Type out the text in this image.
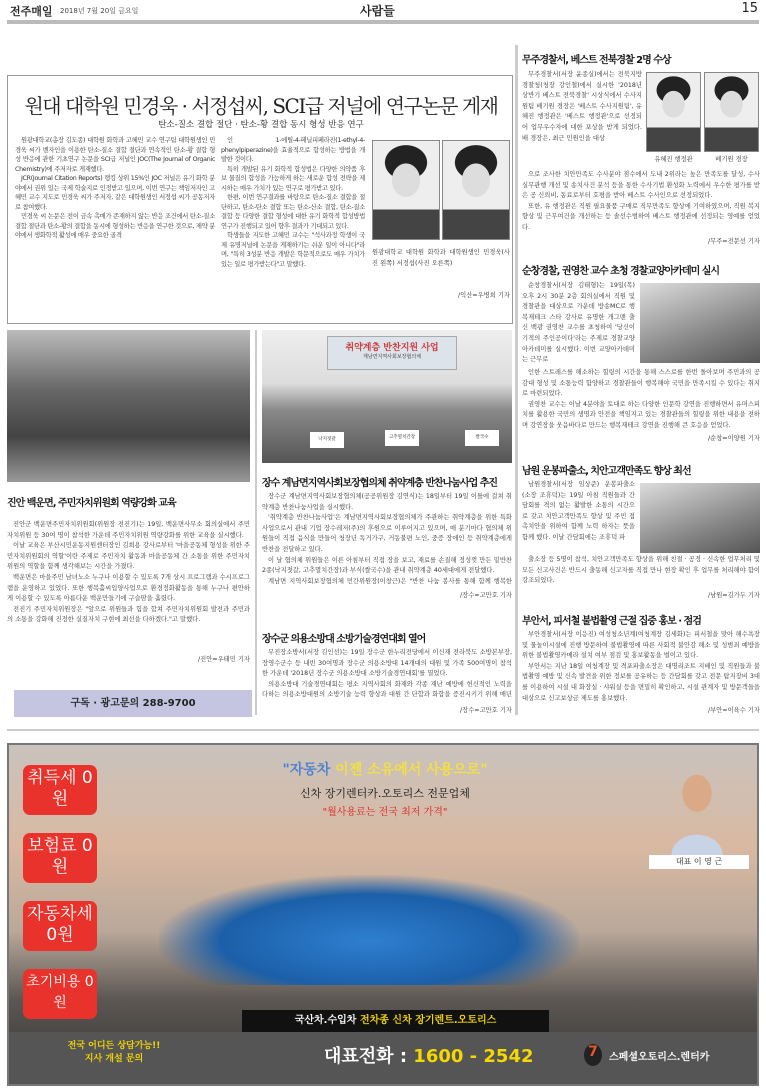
전주매일 2018년 7월 20일 금요일	사람들	15
원대 대학원 민경욱 · 서정섭씨, SCI급 저널에 연구논문 게재
탄소-질소 결합 절단 · 탄소-황 결합 동시 형성 반응 연구

원광대학교(총장 김도종) 대학원 화학과 고혜민 교수 연구팀 대학원생인 민경욱 씨가 벤자인을 이용한 탄소-질소 결합 절단과 연속적인 탄소-황 결합 형성 반응에 관한 기초연구 논문을 SCI급 저널인 JOC(The Journal of Organic Chemistry)에 주저자로 게재했다.

JCR(Journal Citation Reports) 랭킹 상위 15%인 JOC 저널은 유기 화학 분야에서 권위 있는 국제 학술지로 인정받고 있으며, 이번 연구는 책임저자인 고혜민 교수 지도로 민경욱 씨가 주저자, 같은 대학원생인 서정섭 씨가 공동저자로 참여했다.

민경욱 씨 논문은 전이 금속 촉매가 존재하지 않는 반응 조건에서 탄소-질소 결합 절단과 탄소-황의 결합을 동시에 형성하는 반응을 연구한 것으로, 제약 분야에서 생화학적 활성에 매우 중요한 골격

인 1-에틸-4-페닐피페라진(1-ethyl-4-phenylpiperazine)을 효율적으로 합성하는 방법을 개발한 것이다.

특히 개발된 유기 화학적 합성법은 다양한 의약품 후보 물질의 합성을 가능하게 하는 새로운 합성 전략을 제시하는 매우 가치가 있는 연구로 평가받고 있다.

한편, 이번 연구결과를 바탕으로 탄소-질소 결합을 절단하고, 탄소-탄소 결합 또는 탄소-산소 결합, 탄소-질소 결합 등 다양한 결합 형성에 대한 유기 화학적 합성방법 연구가 진행되고 있어 향후 결과가 기대되고 있다.

학생들을 지도한 고혜민 교수는 "석사과정 학생이 국제 유명저널에 논문을 게재하기는 쉬운 일이 아니다"라며, "특히 3성분 반응 개발은 학문적으로도 매우 가치가 있는 일로 평가받는다"고 말했다.

원광대학교 대학원 화학과 대학원생인 민경욱(사진 왼쪽) 서정섭(사진 오른쪽)
/익산=우병희 기자
무주경찰서, 베스트 전북경찰 2명 수상

무주경찰서(서장 윤종실)에서는 전북지방경찰청(청장 강인철)에서 실시한 '2018년 상반기 베스트 전북경찰' 시상식에서 수사지원팀 배기원 경장은 '베스트 수사지원팀', 유혜진 행정관은 '베스트 행정관'으로 선정되어 업무우수자에 대한 포상을 받게 되었다. 배 경장은, 최근 민원인을 대상

유혜진 행정관	배기원 경장

으로 조사한 치안만족도 수사분야 점수에서 도내 2위라는 높은 만족도를 달성, 수사실무관행 개선 및 송치사건 분석 등을 통한 수사기법 환성화 노력에서 우수한 평가를 받은 공 신뢰비, 동료로부터 호평을 받아 베스트 수사인으로 선정되었다.

또한, 유 행정관은 직원 필요물품 구매로 직무만족도 향상에 기여하였으며, 직원 복지향상 및 근무여건을 개선하는 등 솔선수범하여 베스트 행정관에 선정되는 영예를 얻었다.

/무주=전문선 기자
순창경찰, 권영찬 교수 초청 경찰교양아카데미 실시

순창경찰서(서장 김태형)는 19일(목) 오후 2시 30분 2층 회의실에서 직원 및 경찰관을 대상으로 가운데 방송MC로 행복재테크 스타 강사로 유명한 개그맨 출신 백광 권영찬 교수를 초청하여 '당신이 기적의 주인공이다'라는 주제로 경찰교양아카데미를 실시했다. 이번 교양아카데미는 근무로

인한 스트레스를 해소하는 힐링의 시간을 통해 스스로를 한번 돌아보며 주민과의 공감대 형성 및 소통능력 함양하고 경찰관들이 행복해야 국민을 만족시킬 수 있다는 취지로 마련되었다.

권영찬 교수는 이날 4분야을 토대로 하는 다양한 인문학 강연을 진행하면서 유머스피치를 활용한 국민의 생명과 안전을 책임지고 있는 경찰관들의 힐링을 위한 내용을 전하며 강연장을 웃음바다로 만드는 행복재테크 강연을 진행해 큰 호응을 얻었다.

/순창=이양원 기자
남원 운봉파출소, 치안고객만족도 향상 최선

남원경찰서(서장 임상준) 운봉파출소(소장 조휴덕)는 19일 아침 직원들과 간담회를 격의 없는 활발한 소통의 시간으로 갖고 치안고객만족도 향상 및 주민 접촉치안을 위하여 함께 노력 하자는 뜻을 함께 했다. 이날 간담회에는 조휴덕 파

출소장 등 5명이 참석, 치안고객만족도 향상을 위해 친절 · 공정 · 신속한 업무처리 및 모든 신고사건은 반드시 출동해 신고자를 직접 만나 현장 확인 후 업무를 처리해야 함이 강조되었다.

/남원=김가두 기자
부안서, 피서철 불법촬영 근절 집중 홍보 · 점검

부안경찰서(서장 이응진) 여성청소년계(여청계장 김세화)는 피서철을 맞아 해수욕장 및 물놀이시설에 진행 방문하여 불법촬영에 따른 사회적 불안감 해소 및 성범죄 예방을 위한 불법촬영카메라 설치 여부 점검 및 홍보활동을 벌이고 있다.

부안서는 지난 18일 여청계장 및 격포파출소장은 대명리조트 지배인 및 직원들과 불법촬영 예방 및 신속 발견을 위한 정보를 공유하는 등 간담회를 갖고 전문 탐지장비 3대를 이용하여 시설 내 화장실 · 샤워실 등을 면밀히 확인하고, 시설 관계자 및 방문객들을 대상으로 신고보상금 제도를 홍보했다.

/부안=이육수 기자
진안 백운면, 주민자치위원회 역량강화 교육

진안군 백운면주민자치위원회(위원장 전진기)는 19일, 백운면사무소 회의실에서 주민자치위원 등 30여 명이 참석한 가운데 주민자치위원 역량강화를 위한 교육을 실시했다.

이날 교육은 부산시민운동지원센터장인 김희용 강사로부터 '마을공동체 형성을 위한 주민자치위원회의 역할'이란 주제로 주민자치 활동과 마을공동체 간 소통을 위한 주민자치위원의 역할을 함께 생각해보는 시간을 가졌다.

백운면은 마을주민 남녀노소 누구나 이용할 수 있도록 7개 상시 프로그램과 수시프로그램을 운영하고 있었다. 또한 행복홀씨입양사업으로 환경정화활동을 통해 누구나 편안하게 이용할 수 있도록 아름다운 백운만들기에 구슬땀을 흘렸다.

전진기 주민자치위원장은 "앞으로 위원들과 힘을 합쳐 주민자치위원회 발전과 주민과의 소통을 강화해 진정한 실질자치 구현에 최선을 다하겠다."고 말했다.

/진안=우태민 기자
구독 · 광고문의 288-9700
취약계층 반찬지원 사업
계남면지역사회보장협의체
낙지젓갈	고추멸치간장	쌀국수
장수 계남면지역사회보장협의체 취약계층 반찬나눔사업 추진

장수군 계남면지역사회보장협의체(공공위원장 김연식)는 18일부터 19일 이틀에 걸쳐 취약계층 반찬나눔사업을 실시했다.

'취약계층 반찬나눔사업'은 계남면지역사회보장협의체가 주관하는 취약계층을 위한 특화사업으로서 관내 기업 장수레저(주)의 후원으로 이루어지고 있으며, 매 분기마다 협의체 위원들이 직접 음식을 만들어 청장년 독거가구, 거동불편 노인, 중증 장애인 등 취약계층에게 반찬을 전달하고 있다.

이 날 협의체 위원들은 이른 아침부터 직접 장을 보고, 재료를 손질해 정성껏 만든 밑반찬 2종(낙지젓갈, 고추멸치간장)과 부식(쌀국수)을 관내 취약계층 40세대에게 전달했다.

계남면 지역사회보장협의체 민간위원장(이창근)은 "반찬 나눔 봉사를 통해 함께 행복한

/장수=고만호 기자
장수군 의용소방대 소방기술경연대회 열어

무진장소방서(서장 김인선)는 19일 장수군 한누리전당에서 이신재 전라북도 소방본부장, 장영수군수 등 내빈 30여명과 장수군 의용소방대 14개대의 대원 및 가족 500여명이 참석한 가운데 '2018년 장수군 의용소방대 소방기술경연대회'를 열었다.

의용소방대 기술경연대회는 평소 지역사회의 화재와 각종 재난 예방에 헌신적인 노력을 다하는 의용소방대원의 소방기술 능력 향상과 대원 간 단합과 화합을 증진시키기 위해 매년

/장수=고만호 기자
"자동차 이젠 소유에서 사용으로"
신차 장기렌터카.오토리스 전문업체
"월사용료는 전국 최저 가격"
대표 이 영 근
취득세 0원
보험료 0원
자동차세 0원
초기비용 0원
국산차.수입차 전차종 신차 장기렌트.오토리스
전국 어디든 상담가능!!
지사 개설 문의	대표전화 : 1600 - 2542	7	스페셜오토리스.렌터카
